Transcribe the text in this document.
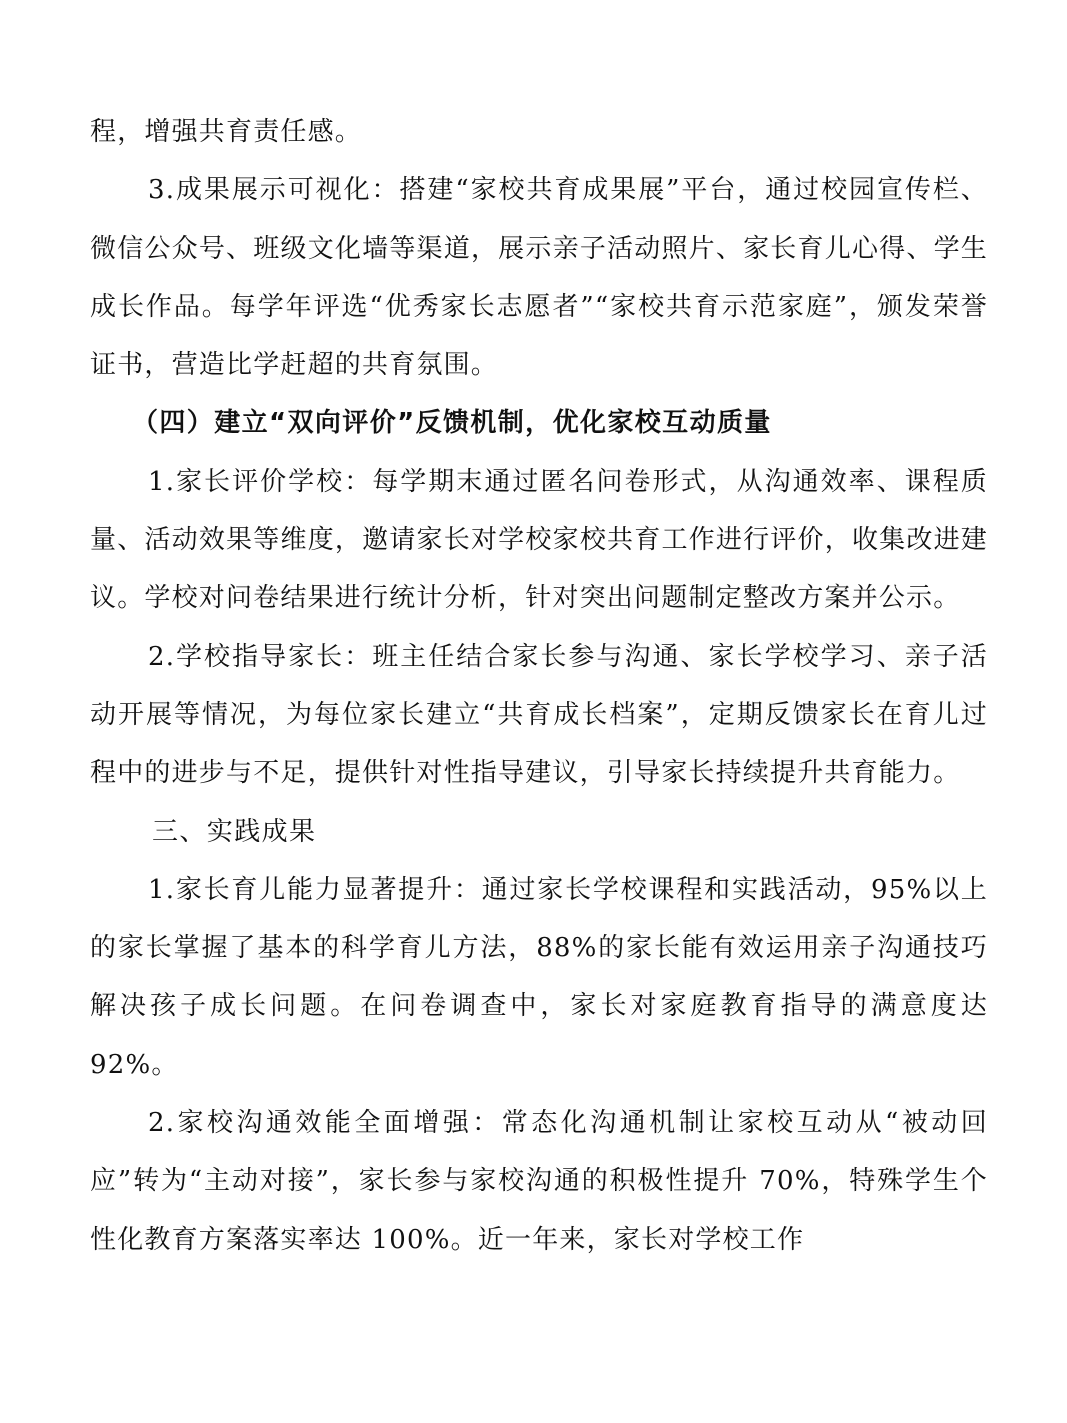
程，增强共育责任感。

3.成果展示可视化：搭建“家校共育成果展”平台，通过校园宣传栏、微信公众号、班级文化墙等渠道，展示亲子活动照片、家长育儿心得、学生成长作品。每学年评选“优秀家长志愿者”“家校共育示范家庭”，颁发荣誉证书，营造比学赶超的共育氛围。

（四）建立“双向评价”反馈机制，优化家校互动质量

1.家长评价学校：每学期末通过匿名问卷形式，从沟通效率、课程质量、活动效果等维度，邀请家长对学校家校共育工作进行评价，收集改进建议。学校对问卷结果进行统计分析，针对突出问题制定整改方案并公示。

2.学校指导家长：班主任结合家长参与沟通、家长学校学习、亲子活动开展等情况，为每位家长建立“共育成长档案”，定期反馈家长在育儿过程中的进步与不足，提供针对性指导建议，引导家长持续提升共育能力。

三、实践成果

1.家长育儿能力显著提升：通过家长学校课程和实践活动，95%以上的家长掌握了基本的科学育儿方法，88%的家长能有效运用亲子沟通技巧解决孩子成长问题。在问卷调查中，家长对家庭教育指导的满意度达 92%。

2.家校沟通效能全面增强：常态化沟通机制让家校互动从“被动回应”转为“主动对接”，家长参与家校沟通的积极性提升 70%，特殊学生个性化教育方案落实率达 100%。近一年来，家长对学校工作
